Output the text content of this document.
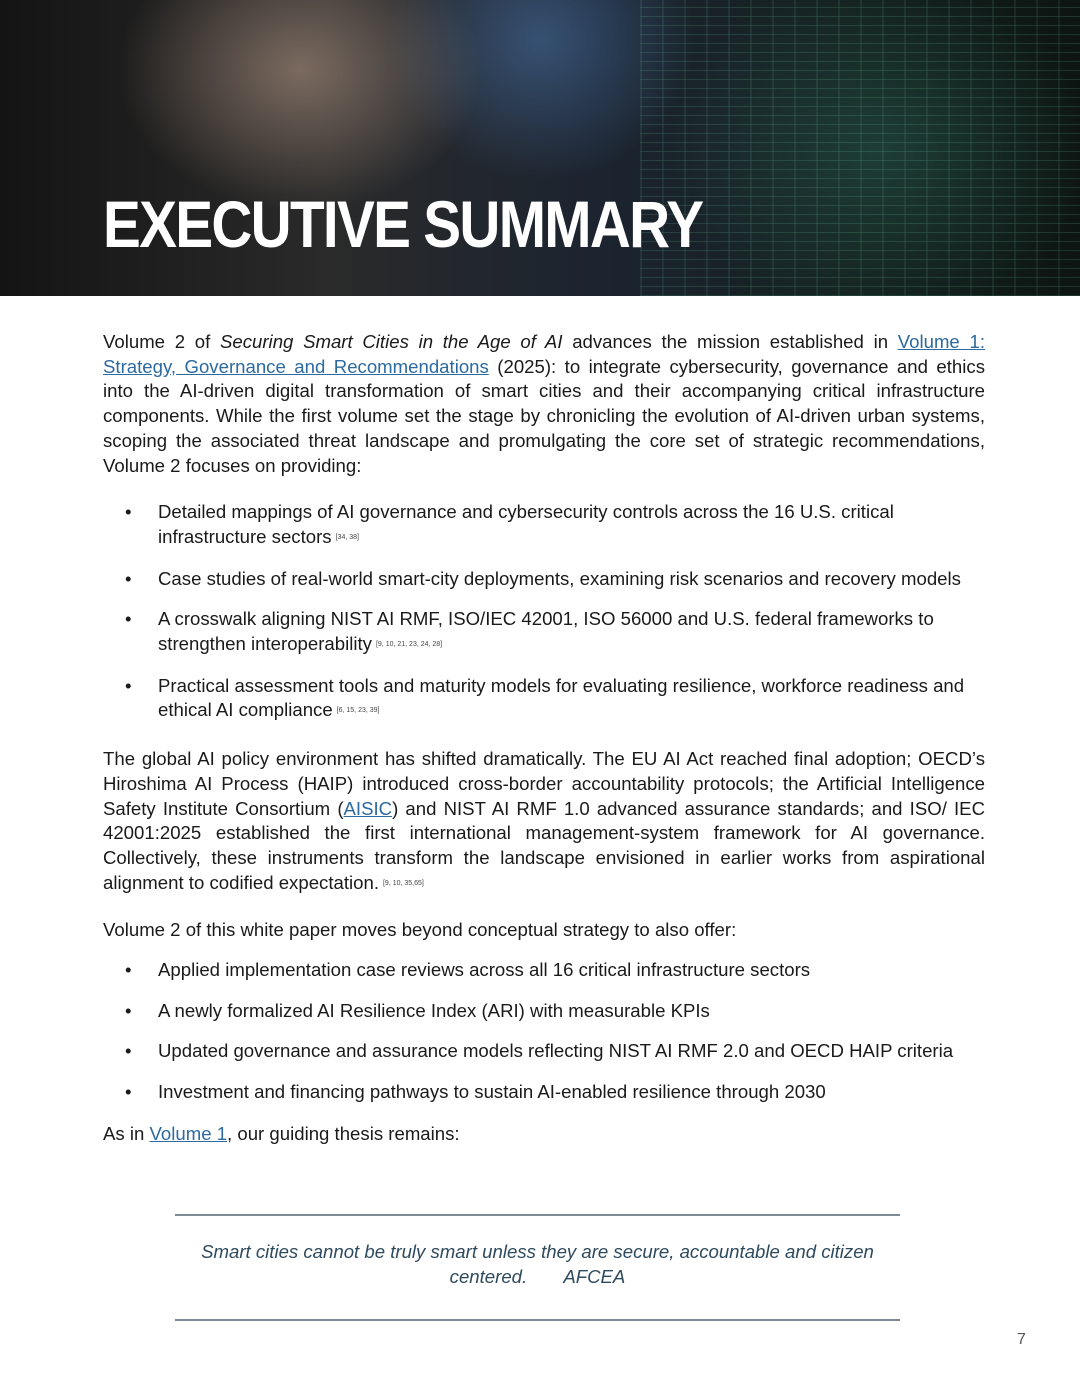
EXECUTIVE SUMMARY

Volume 2 of Securing Smart Cities in the Age of AI advances the mission established in Volume 1: Strategy, Governance and Recommendations (2025): to integrate cybersecurity, governance and ethics into the AI-driven digital transformation of smart cities and their accompanying critical infrastructure components. While the first volume set the stage by chronicling the evolution of AI-driven urban systems, scoping the associated threat landscape and promulgating the core set of strategic recommendations, Volume 2 focuses on providing:

• Detailed mappings of AI governance and cybersecurity controls across the 16 U.S. critical infrastructure sectors [34, 38]
• Case studies of real-world smart-city deployments, examining risk scenarios and recovery models
• A crosswalk aligning NIST AI RMF, ISO/IEC 42001, ISO 56000 and U.S. federal frameworks to strengthen interoperability [9, 10, 21, 23, 24, 28]
• Practical assessment tools and maturity models for evaluating resilience, workforce readiness and ethical AI compliance [6, 15, 23, 39]

The global AI policy environment has shifted dramatically. The EU AI Act reached final adoption; OECD’s Hiroshima AI Process (HAIP) introduced cross-border accountability protocols; the Artificial Intelligence Safety Institute Consortium (AISIC) and NIST AI RMF 1.0 advanced assurance standards; and ISO/ IEC 42001:2025 established the first international management-system framework for AI governance. Collectively, these instruments transform the landscape envisioned in earlier works from aspirational alignment to codified expectation. [9, 10, 35,65]

Volume 2 of this white paper moves beyond conceptual strategy to also offer:

• Applied implementation case reviews across all 16 critical infrastructure sectors
• A newly formalized AI Resilience Index (ARI) with measurable KPIs
• Updated governance and assurance models reflecting NIST AI RMF 2.0 and OECD HAIP criteria
• Investment and financing pathways to sustain AI-enabled resilience through 2030

As in Volume 1, our guiding thesis remains:

Smart cities cannot be truly smart unless they are secure, accountable and citizen centered. AFCEA
7
